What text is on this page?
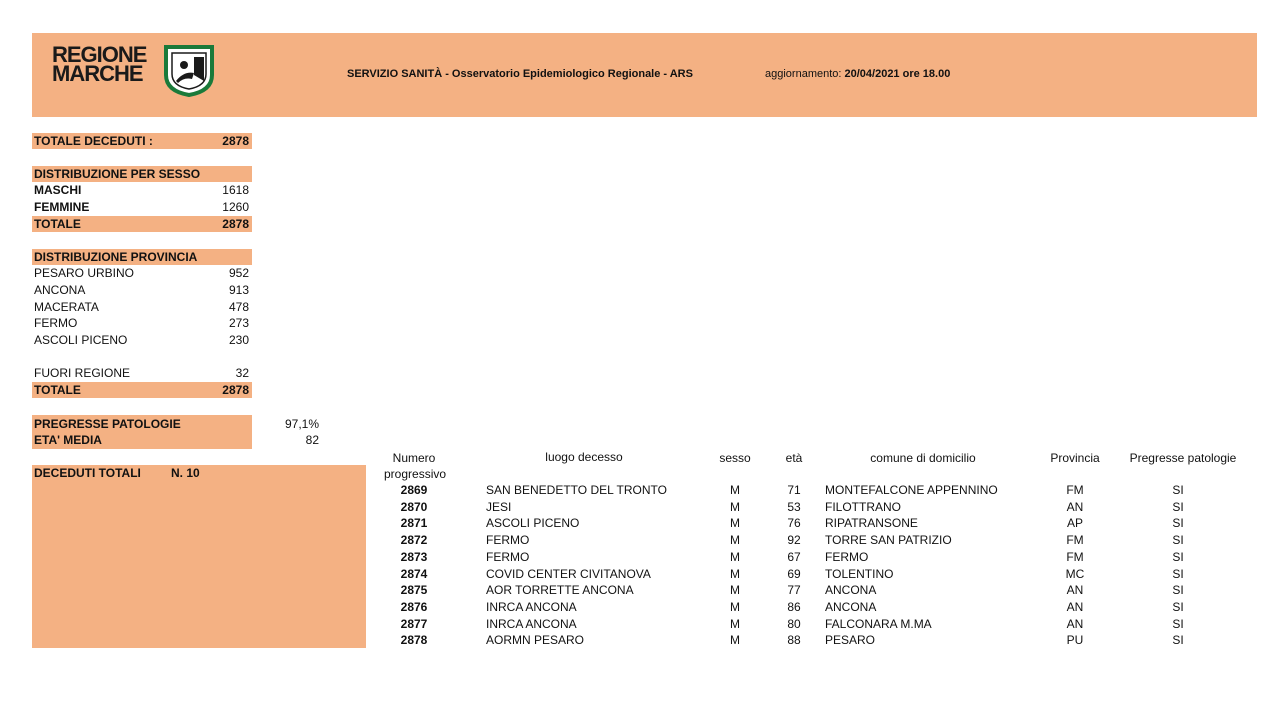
REGIONE
MARCHE	SERVIZIO SANITÀ - Osservatorio Epidemiologico Regionale - ARS	aggiornamento: 20/04/2021 ore 18.00
TOTALE DECEDUTI :	2878
DISTRIBUZIONE PER SESSO
MASCHI	1618
FEMMINE	1260
TOTALE	2878
DISTRIBUZIONE PROVINCIA
PESARO URBINO	952
ANCONA	913
MACERATA	478
FERMO	273
ASCOLI PICENO	230
FUORI REGIONE	32
TOTALE	2878
PREGRESSE PATOLOGIE	97,1%
ETA' MEDIA	82
DECEDUTI TOTALI	N. 10
Numero
progressivo
luogo decesso	sesso	età	comune di domicilio	Provincia	Pregresse patologie
2869	SAN BENEDETTO DEL TRONTO	M	71	MONTEFALCONE APPENNINO	FM	SI
2870	JESI	M	53	FILOTTRANO	AN	SI
2871	ASCOLI PICENO	M	76	RIPATRANSONE	AP	SI
2872	FERMO	M	92	TORRE SAN PATRIZIO	FM	SI
2873	FERMO	M	67	FERMO	FM	SI
2874	COVID CENTER CIVITANOVA	M	69	TOLENTINO	MC	SI
2875	AOR TORRETTE ANCONA	M	77	ANCONA	AN	SI
2876	INRCA ANCONA	M	86	ANCONA	AN	SI
2877	INRCA ANCONA	M	80	FALCONARA M.MA	AN	SI
2878	AORMN PESARO	M	88	PESARO	PU	SI
